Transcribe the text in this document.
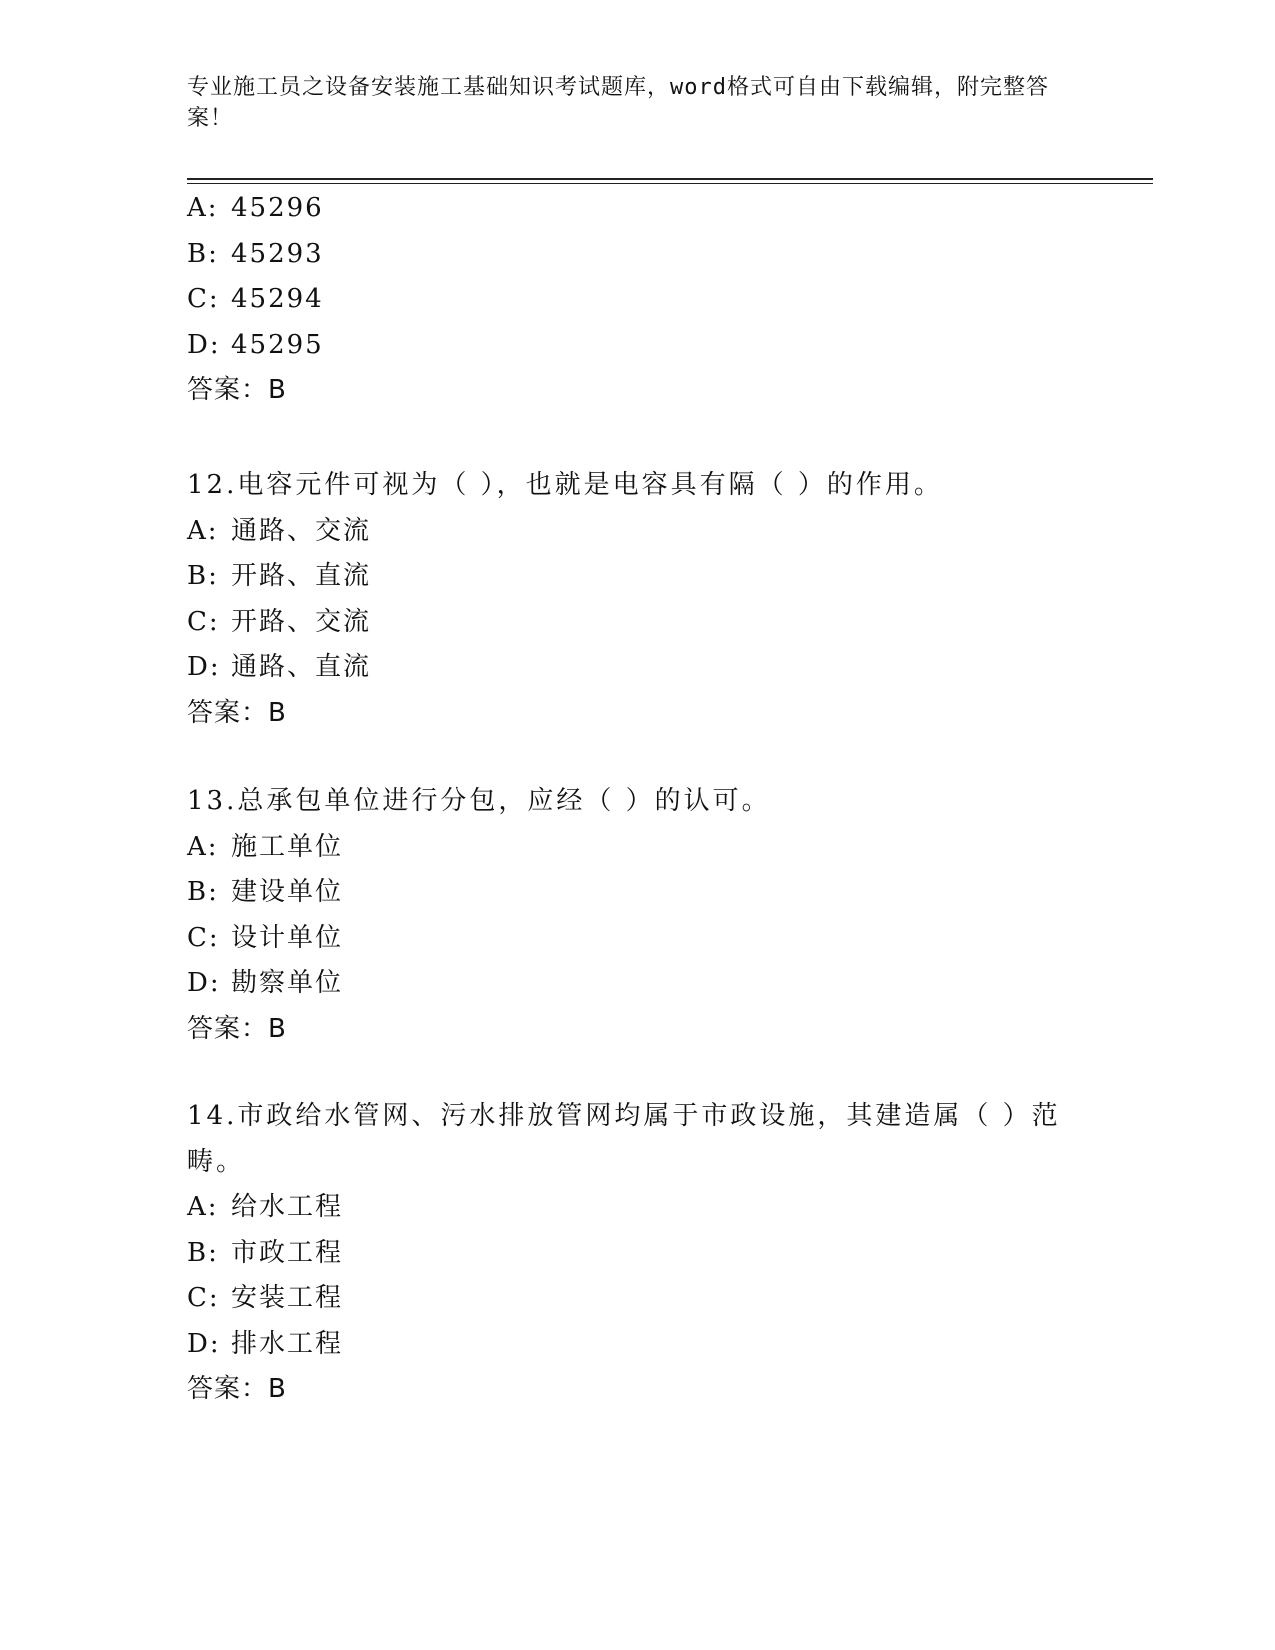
专业施工员之设备安装施工基础知识考试题库，word格式可自由下载编辑，附完整答案！
A: 45296
B: 45293
C: 45294
D: 45295
答案：B
12.电容元件可视为（ ），也就是电容具有隔（ ）的作用。
A: 通路、交流
B: 开路、直流
C: 开路、交流
D: 通路、直流
答案：B
13.总承包单位进行分包，应经（ ）的认可。
A: 施工单位
B: 建设单位
C: 设计单位
D: 勘察单位
答案：B
14.市政给水管网、污水排放管网均属于市政设施，其建造属（ ）范畴。
A: 给水工程
B: 市政工程
C: 安装工程
D: 排水工程
答案：B
